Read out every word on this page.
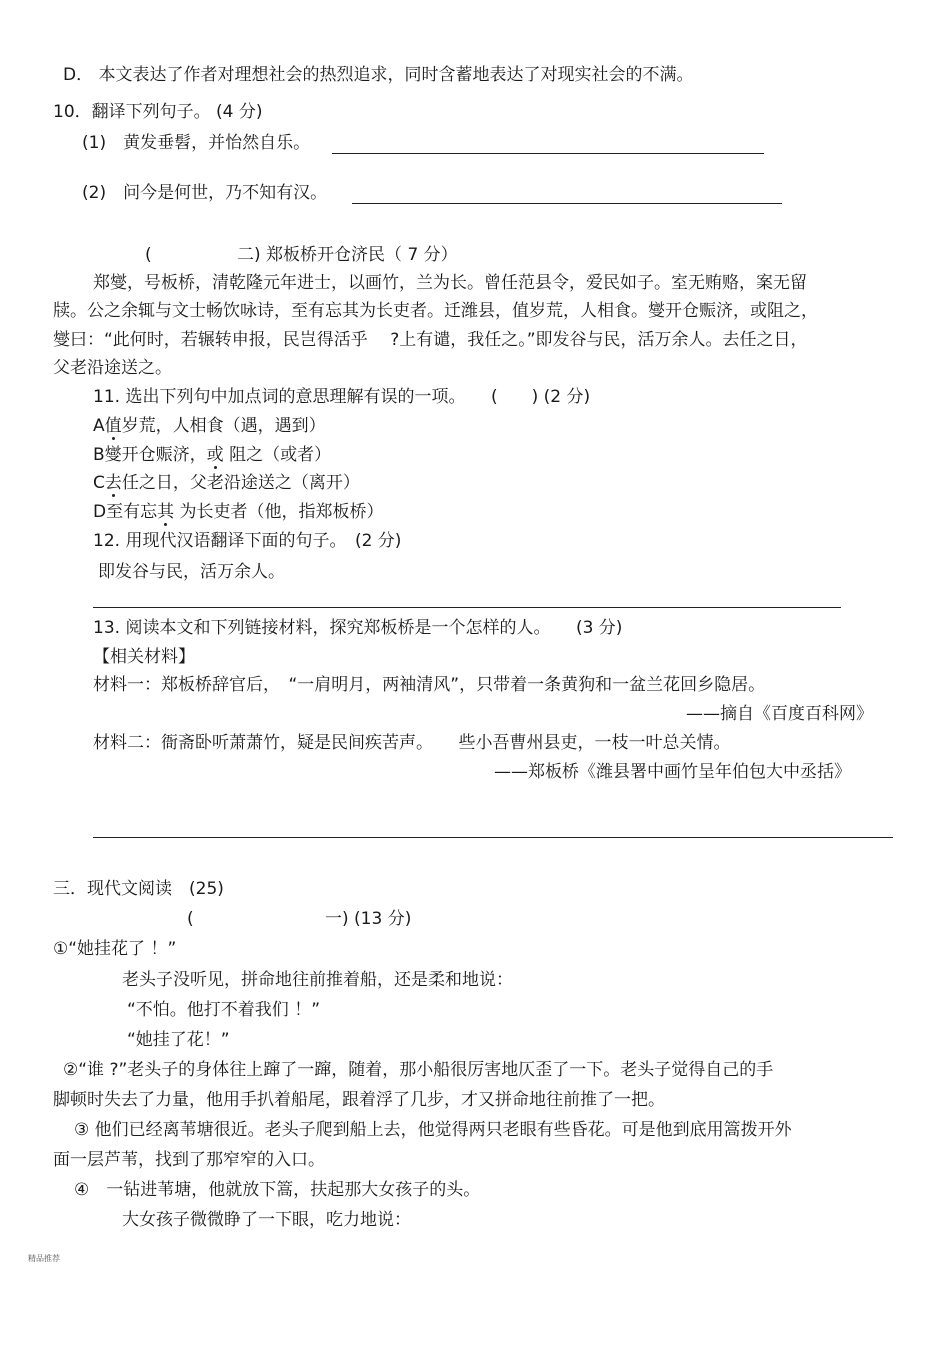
D． 本文表达了作者对理想社会的热烈追求，同时含蓄地表达了对现实社会的不满。
10．翻译下列句子。 (4 分)
(1)　黄发垂髫，并怡然自乐。
(2)　问今是何世，乃不知有汉。
(	二) 郑板桥开仓济民（ 7 分）
郑燮，号板桥，清乾隆元年进士，以画竹，兰为长。曾任范县令，爱民如子。室无贿赂，案无留
牍。公之余辄与文士畅饮咏诗，至有忘其为长吏者。迁潍县，值岁荒，人相食。燮开仓赈济，或阻之，
燮曰：“此何时，若辗转申报，民岂得活乎　 ?上有谴，我任之。”即发谷与民，活万余人。去任之日，
父老沿途送之。
11. 选出下列句中加点词的意思理解有误的一项。　　(　　) (2 分)
A值岁荒，人相食（遇，遇到）
B燮开仓赈济，或 阻之（或者）
C去任之日，父老沿途送之（离开）
D至有忘其 为长吏者（他，指郑板桥）
12. 用现代汉语翻译下面的句子。　(2 分)
即发谷与民，活万余人。
13. 阅读本文和下列链接材料，探究郑板桥是一个怎样的人。　　(3 分)
【相关材料】
材料一：郑板桥辞官后，　“一肩明月，两袖清风”，只带着一条黄狗和一盆兰花回乡隐居。
——摘自《百度百科网》
材料二：衙斋卧听萧萧竹，疑是民间疾苦声。　　些小吾曹州县吏，一枝一叶总关情。
——郑板桥《潍县署中画竹呈年伯包大中丞括》
三．现代文阅读　(25)
(	一) (13 分)
①“她挂花了 ！”
老头子没听见，拼命地往前推着船，还是柔和地说：
“不怕。他打不着我们 ！”
“她挂了花！”
②“谁 ?”老头子的身体往上蹿了一蹿，随着，那小船很厉害地仄歪了一下。老头子觉得自己的手
脚顿时失去了力量，他用手扒着船尾，跟着浮了几步，才又拼命地往前推了一把。
③ 他们已经离苇塘很近。老头子爬到船上去，他觉得两只老眼有些昏花。可是他到底用篙拨开外
面一层芦苇，找到了那窄窄的入口。
④　一钻进苇塘，他就放下篙，扶起那大女孩子的头。
大女孩子微微睁了一下眼，吃力地说：
精品推荐
